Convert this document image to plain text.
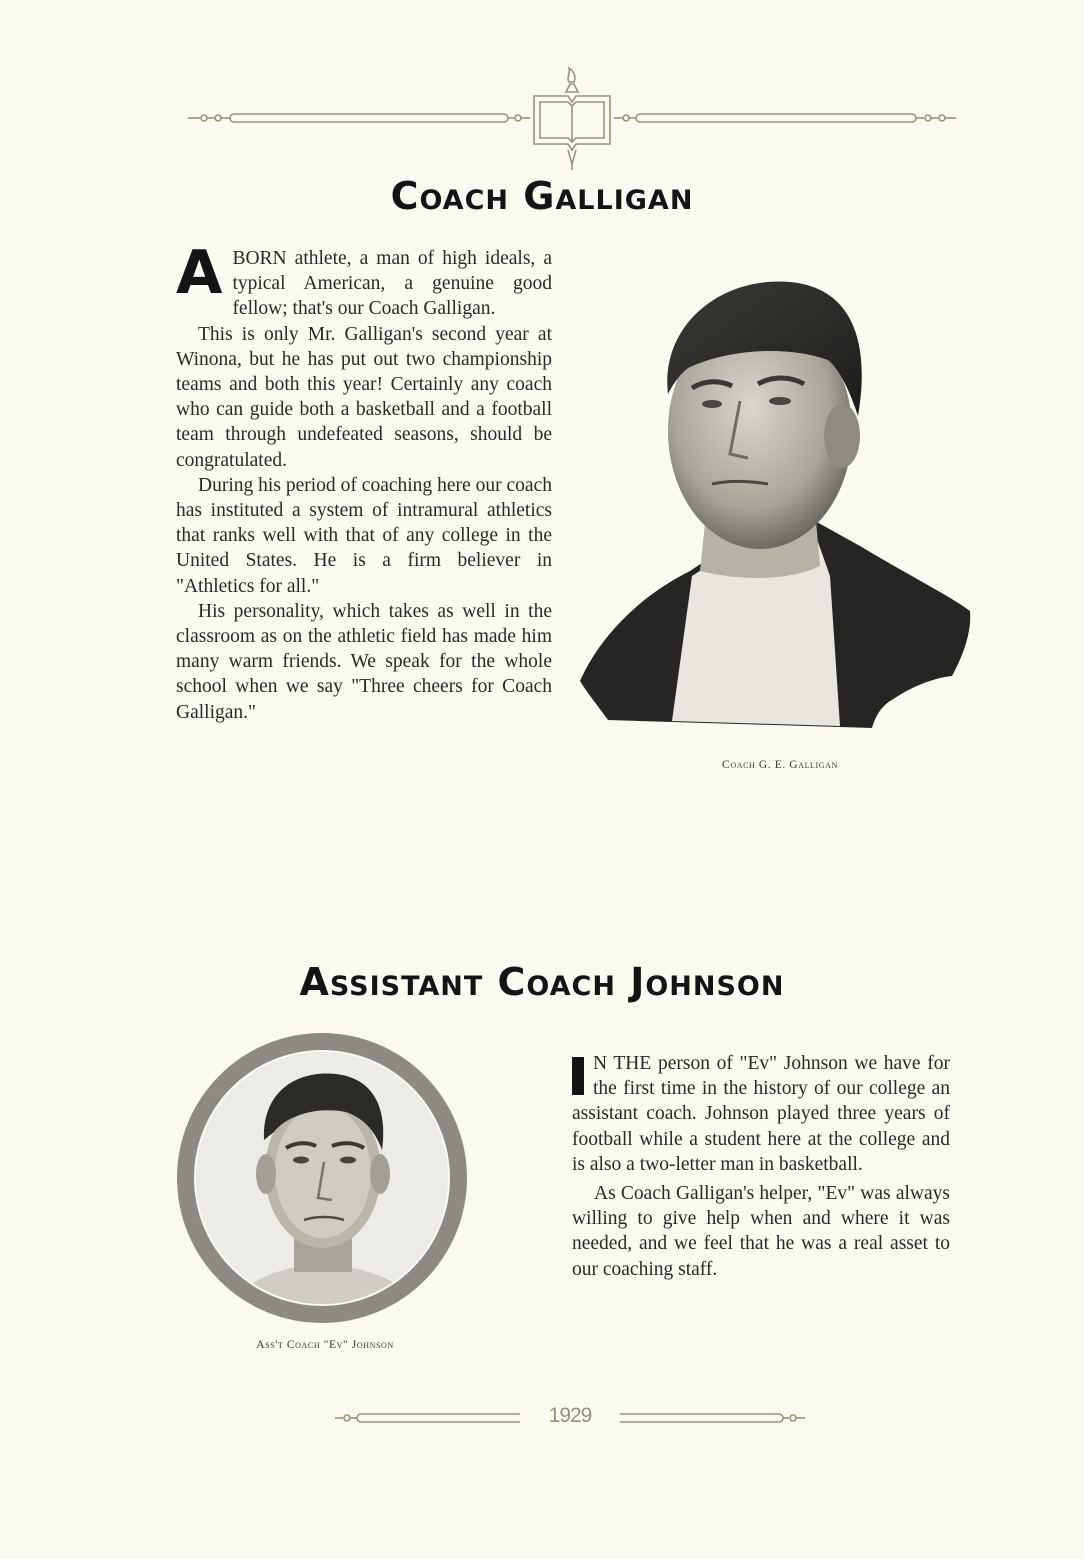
Coach Galligan

ABORN athlete, a man of high ideals, a typical American, a genuine good fellow; that's our Coach Galligan.

This is only Mr. Galligan's second year at Winona, but he has put out two championship teams and both this year! Certainly any coach who can guide both a basketball and a football team through undefeated seasons, should be congratulated.

During his period of coaching here our coach has instituted a system of intramural athletics that ranks well with that of any college in the United States. He is a firm believer in "Athletics for all."

His personality, which takes as well in the classroom as on the athletic field has made him many warm friends. We speak for the whole school when we say "Three cheers for Coach Galligan."

Coach G. E. Galligan
Assistant Coach Johnson
Ass't Coach "Ev" Johnson

N THE person of "Ev" Johnson we have for the first time in the history of our college an assistant coach. Johnson played three years of football while a student here at the college and is also a two-letter man in basketball.

As Coach Galligan's helper, "Ev" was always willing to give help when and where it was needed, and we feel that he was a real asset to our coaching staff.

1929
